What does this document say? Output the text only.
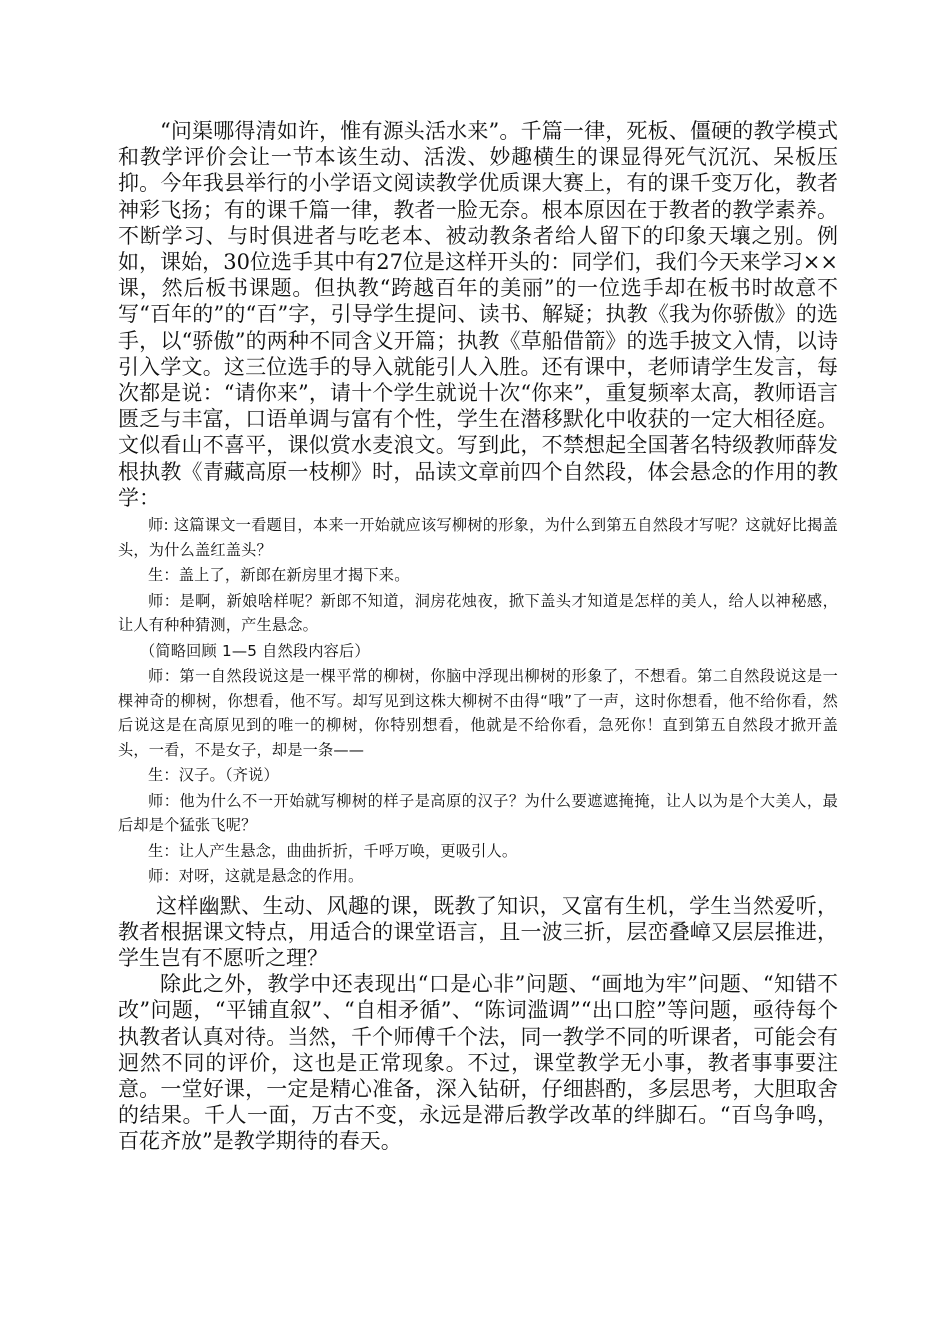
“问渠哪得清如许，惟有源头活水来”。千篇一律，死板、僵硬的教学模式和教学评价会让一节本该生动、活泼、妙趣横生的课显得死气沉沉、呆板压抑。今年我县举行的小学语文阅读教学优质课大赛上，有的课千变万化，教者神彩飞扬；有的课千篇一律，教者一脸无奈。根本原因在于教者的教学素养。不断学习、与时俱进者与吃老本、被动教条者给人留下的印象天壤之别。例如，课始，30位选手其中有27位是这样开头的：同学们，我们今天来学习××课，然后板书课题。但执教“跨越百年的美丽”的一位选手却在板书时故意不写“百年的”的“百”字，引导学生提问、读书、解疑；执教《我为你骄傲》的选手，以“骄傲”的两种不同含义开篇；执教《草船借箭》的选手披文入情，以诗引入学文。这三位选手的导入就能引人入胜。还有课中，老师请学生发言，每次都是说：“请你来”，请十个学生就说十次“你来”，重复频率太高，教师语言匮乏与丰富，口语单调与富有个性，学生在潜移默化中收获的一定大相径庭。文似看山不喜平，课似赏水麦浪文。写到此，不禁想起全国著名特级教师薛发根执教《青藏高原一枝柳》时，品读文章前四个自然段，体会悬念的作用的教学：

师: 这篇课文一看题目，本来一开始就应该写柳树的形象，为什么到第五自然段才写呢？这就好比揭盖头，为什么盖红盖头？

生：盖上了，新郎在新房里才揭下来。

师：是啊，新娘啥样呢？新郎不知道，洞房花烛夜，掀下盖头才知道是怎样的美人，给人以神秘感，让人有种种猜测，产生悬念。

（简略回顾 1—5 自然段内容后）

师：第一自然段说这是一棵平常的柳树，你脑中浮现出柳树的形象了，不想看。第二自然段说这是一棵神奇的柳树，你想看，他不写。却写见到这株大柳树不由得“哦”了一声，这时你想看，他不给你看，然后说这是在高原见到的唯一的柳树，你特别想看，他就是不给你看，急死你！直到第五自然段才掀开盖头，一看，不是女子，却是一条——

生：汉子。（齐说）

师：他为什么不一开始就写柳树的样子是高原的汉子？为什么要遮遮掩掩，让人以为是个大美人，最后却是个猛张飞呢？

生：让人产生悬念，曲曲折折，千呼万唤，更吸引人。

师：对呀，这就是悬念的作用。

这样幽默、生动、风趣的课，既教了知识，又富有生机，学生当然爱听，教者根据课文特点，用适合的课堂语言，且一波三折，层峦叠嶂又层层推进，学生岂有不愿听之理？

除此之外，教学中还表现出“口是心非”问题、“画地为牢”问题、“知错不改”问题，“平铺直叙”、“自相矛循”、“陈词滥调”“出口腔”等问题，亟待每个执教者认真对待。当然，千个师傅千个法，同一教学不同的听课者，可能会有迥然不同的评价，这也是正常现象。不过，课堂教学无小事，教者事事要注意。一堂好课，一定是精心准备，深入钻研，仔细斟酌，多层思考，大胆取舍的结果。千人一面，万古不变，永远是滞后教学改革的绊脚石。“百鸟争鸣，百花齐放”是教学期待的春天。
